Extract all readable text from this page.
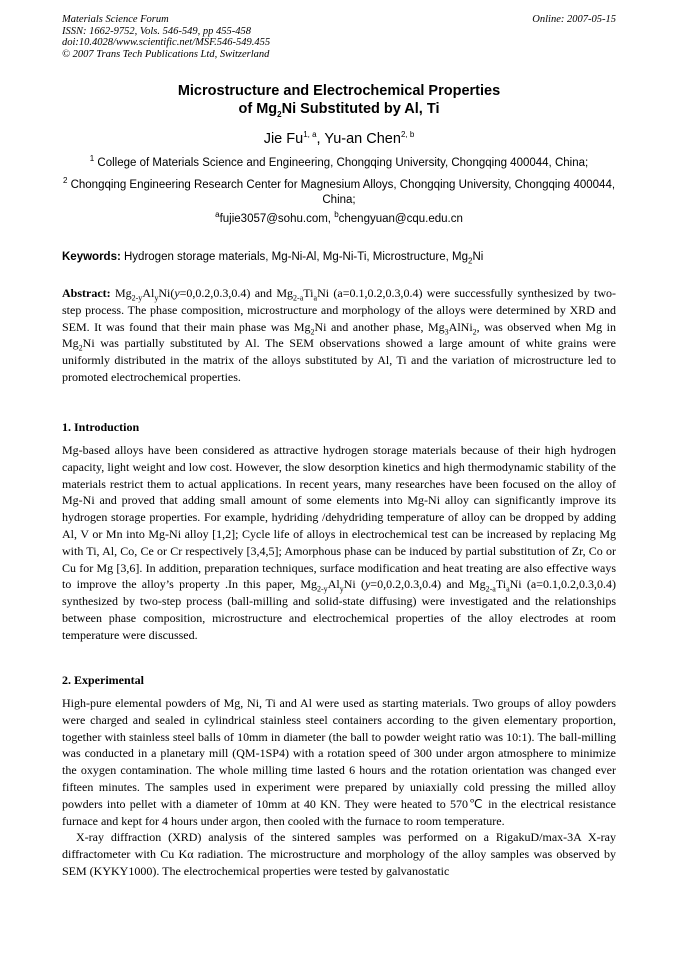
Materials Science Forum
ISSN: 1662-9752, Vols. 546-549, pp 455-458
doi:10.4028/www.scientific.net/MSF.546-549.455
© 2007 Trans Tech Publications Ltd, Switzerland
Online: 2007-05-15
Microstructure and Electrochemical Properties
of $Mg_2Ni$ Substituted by Al, Ti
Jie Fu$^{1, a}$, Yu-an Chen$^{2, b}$
$^1$ College of Materials Science and Engineering, Chongqing University, Chongqing 400044, China;
$^2$ Chongqing Engineering Research Center for Magnesium Alloys, Chongqing University, Chongqing 400044, China;
$^a$fujie3057@sohu.com, $^b$chengyuan@cqu.edu.cn
Keywords: Hydrogen storage materials, Mg-Ni-Al, Mg-Ni-Ti, Microstructure, $Mg_2Ni$
Abstract: $Mg_{2-y}Al_yNi(y=0,0.2,0.3,0.4)$ and $Mg_{2-a}Ti_aNi$ (a=0.1,0.2,0.3,0.4) were successfully synthesized by two-step process. The phase composition, microstructure and morphology of the alloys were determined by XRD and SEM. It was found that their main phase was $Mg_2Ni$ and another phase, $Mg_3AlNi_2$, was observed when Mg in $Mg_2Ni$ was partially substituted by Al. The SEM observations showed a large amount of white grains were uniformly distributed in the matrix of the alloys substituted by Al, Ti and the variation of microstructure led to promoted electrochemical properties.
1. Introduction
Mg-based alloys have been considered as attractive hydrogen storage materials because of their high hydrogen capacity, light weight and low cost. However, the slow desorption kinetics and high thermodynamic stability of the materials restrict them to actual applications. In recent years, many researches have been focused on the alloy of Mg-Ni and proved that adding small amount of some elements into Mg-Ni alloy can significantly improve its hydrogen storage properties. For example, hydriding /dehydriding temperature of alloy can be dropped by adding Al, V or Mn into Mg-Ni alloy [1,2]; Cycle life of alloys in electrochemical test can be increased by replacing Mg with Ti, Al, Co, Ce or Cr respectively [3,4,5]; Amorphous phase can be induced by partial substitution of Zr, Co or Cu for Mg [3,6]. In addition, preparation techniques, surface modification and heat treating are also effective ways to improve the alloy’s property .In this paper, $Mg_{2-y}Al_yNi$ (y=0,0.2,0.3,0.4) and $Mg_{2-a}Ti_aNi$ (a=0.1,0.2,0.3,0.4) synthesized by two-step process (ball-milling and solid-state diffusing) were investigated and the relationships between phase composition, microstructure and electrochemical properties of the alloy electrodes at room temperature were discussed.
2. Experimental

High-pure elemental powders of Mg, Ni, Ti and Al were used as starting materials. Two groups of alloy powders were charged and sealed in cylindrical stainless steel containers according to the given elementary proportion, together with stainless steel balls of 10mm in diameter (the ball to powder weight ratio was 10:1). The ball-milling was conducted in a planetary mill (QM-1SP4) with a rotation speed of 300 under argon atmosphere to minimize the oxygen contamination. The whole milling time lasted 6 hours and the rotation orientation was changed ever fifteen minutes. The samples used in experiment were prepared by uniaxially cold pressing the milled alloy powders into pellet with a diameter of 10mm at 40 KN. They were heated to 570℃ in the electrical resistance furnace and kept for 4 hours under argon, then cooled with the furnace to room temperature.

X-ray diffraction (XRD) analysis of the sintered samples was performed on a RigakuD/max-3A X-ray diffractometer with Cu Kα radiation. The microstructure and morphology of the alloy samples was observed by SEM (KYKY1000). The electrochemical properties were tested by galvanostatic
